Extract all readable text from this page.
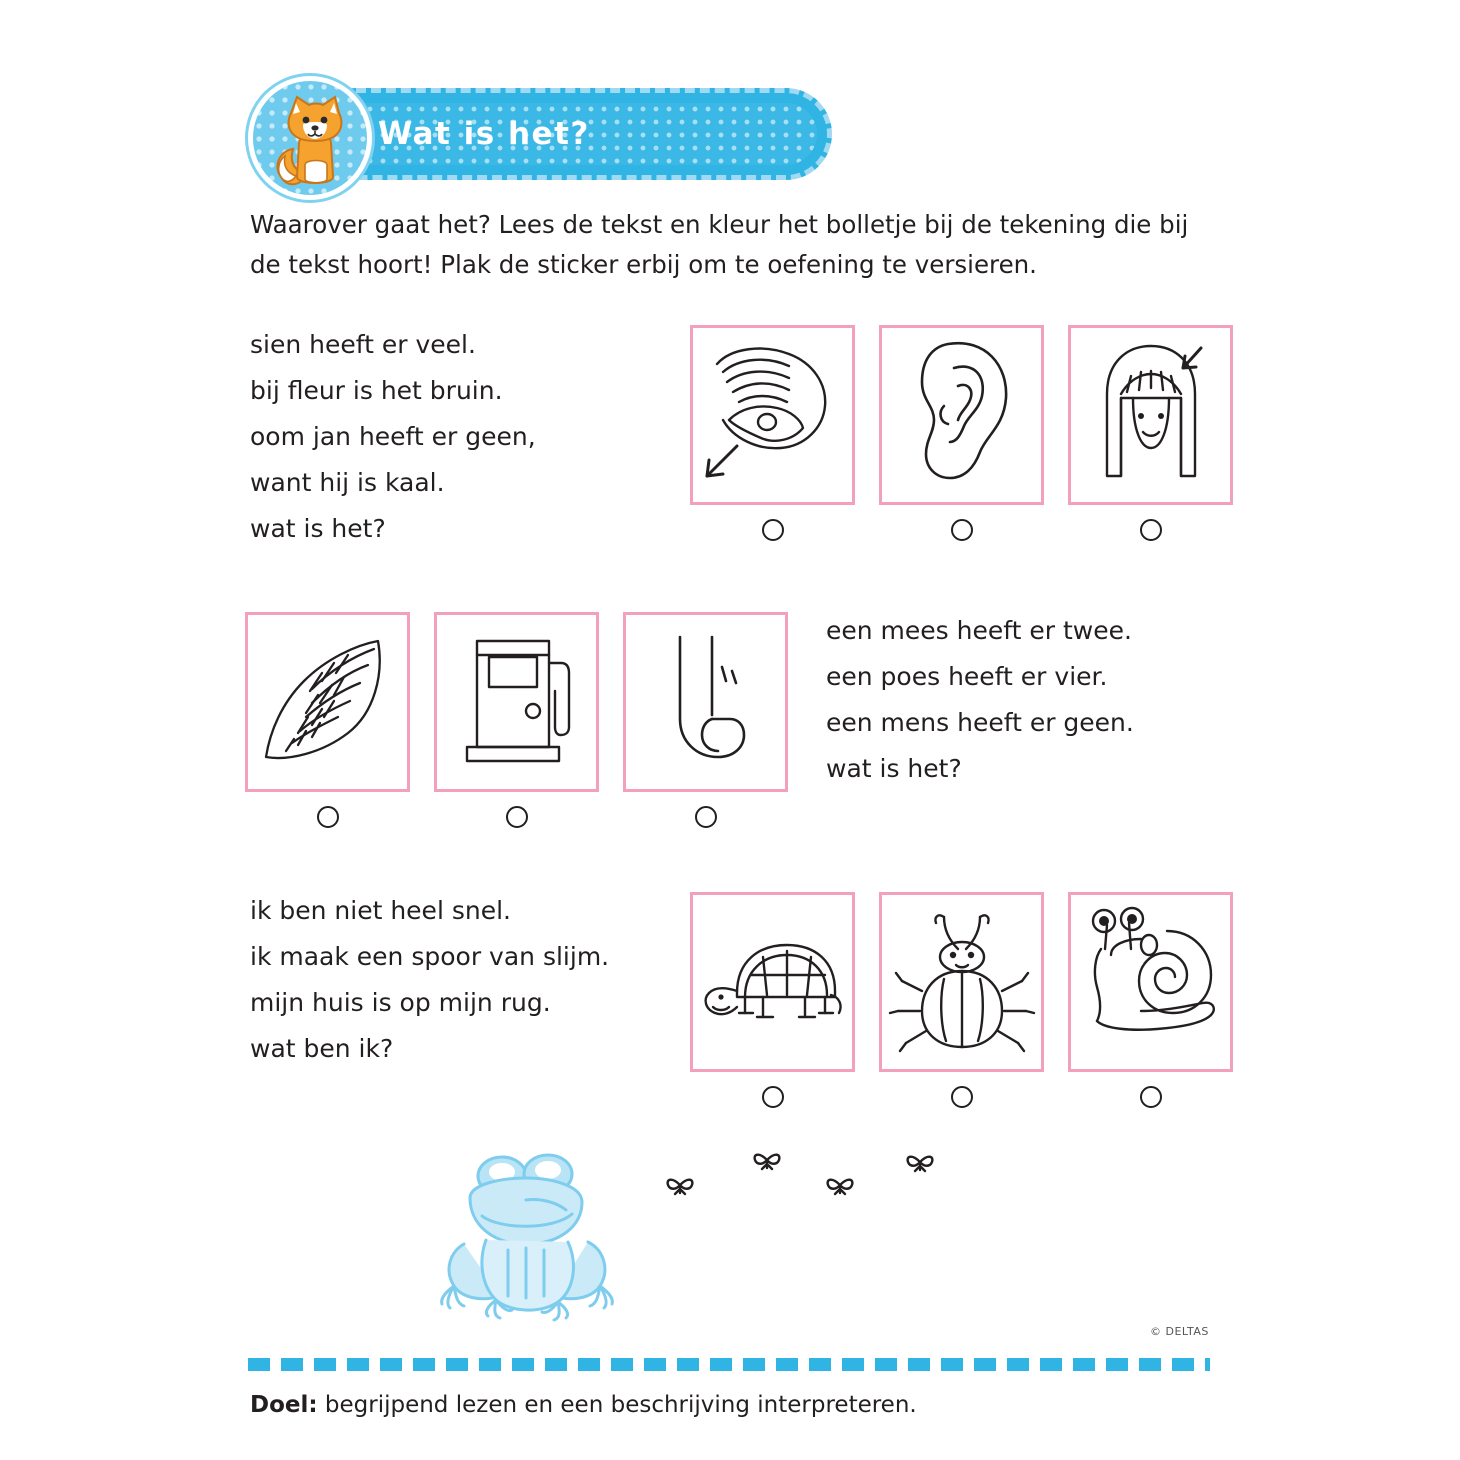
Wat is het?
Waarover gaat het? Lees de tekst en kleur het bolletje bij de tekening die bij de tekst hoort! Plak de sticker erbij om te oefening te versieren.
sien heeft er veel.
bij fleur is het bruin.
oom jan heeft er geen,
want hij is kaal.
wat is het?
een mees heeft er twee.
een poes heeft er vier.
een mens heeft er geen.
wat is het?
ik ben niet heel snel.
ik maak een spoor van slijm.
mijn huis is op mijn rug.
wat ben ik?
© DELTAS
Doel: begrijpend lezen en een beschrijving interpreteren.
